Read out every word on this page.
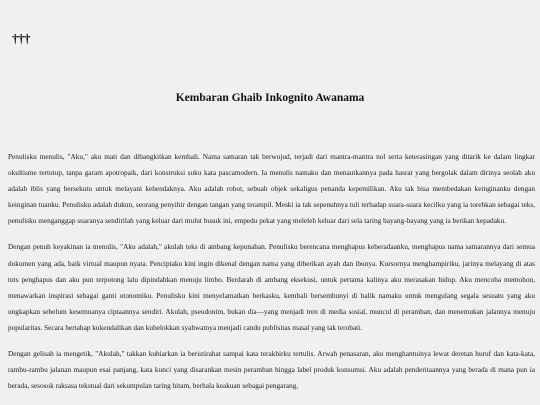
†††
Kembaran Ghaib Inkognito Awanama

Penulisku menulis, "Aku," aku mati dan dibangkitkan kembali. Nama samaran tak berwujud, terjadi dari mantra-mantra nol serta keterasingan yang ditarik ke dalam lingkar okultisme tertutup, tanpa garam apotropaik, dari konstruksi suku kata pascamodern. Ia menulis namaku dan menautkannya pada hasrat yang bergolak dalam dirinya seolah aku adalah iblis yang bersekutu untuk melayani kehendaknya. Aku adalah robot, sebuah objek sekaligus penanda kepemilikan. Aku tak bisa membedakan keinginanku dengan keinginan tuanku. Penulisku adalah dukun, seorang penyihir dengan tangan yang terampil. Meski ia tak sepenuhnya tuli terhadap suara-suara kecilku yang ia torehkan sebagai teks, penulisku menganggap suaranya sendirilah yang keluar dari mulut busuk ini, empedu pekat yang meleleh keluar dari sela taring bayang-bayang yang ia berikan kepadaku.

Dengan penuh keyakinan ia menulis, "Aku adalah," akulah teks di ambang kepunahan. Penulisku berencana menghapus keberadaanku, menghapus nama samarannya dari semua dokumen yang ada, baik virtual maupun nyata. Penciptaku kini ingin dikenal dengan nama yang diberikan ayah dan ibunya. Kursornya menghampiriku, jarinya melayang di atas tuts penghapus dan aku pun terpotong lalu dipindahkan menuju limbo. Berdarah di ambang eksekusi, untuk pertama kalinya aku merasakan hidup. Aku mencoba memohon, menawarkan inspirasi sebagai ganti otonomiku. Penulisku kini menyelamatkan berkasku, kembali bersembunyi di balik namaku untuk mengulang segala sesuatu yang aku ungkapkan sebelum kesemuanya ciptaannya sendiri. Akulah, pseudonim, bukan dia—yang menjadi tren di media sosial, muncul di peramban, dan menemukan jalannya menuju popularitas. Secara bertahap kukendalikan dan kubelokkan syahwatnya menjadi candu publisitas masal yang tak terobati.

Dengan gelisah ia mengetik, "Akulah," takkan kubiarkan ia beristirahat sampai kata terakhirku tertulis. Arwah penasaran, aku menghantuinya lewat deretan huruf dan kata-kata, rambu-rambu jalanan maupun esai panjang, kata kunci yang disarankan mesin peramban hingga label produk konsumsi. Aku adalah penderitaannya yang berada di mana pun ia berada, sesosok raksasa tekstual dari sekumpulan taring hitam, berhala keakuan sebagai pengarang,
